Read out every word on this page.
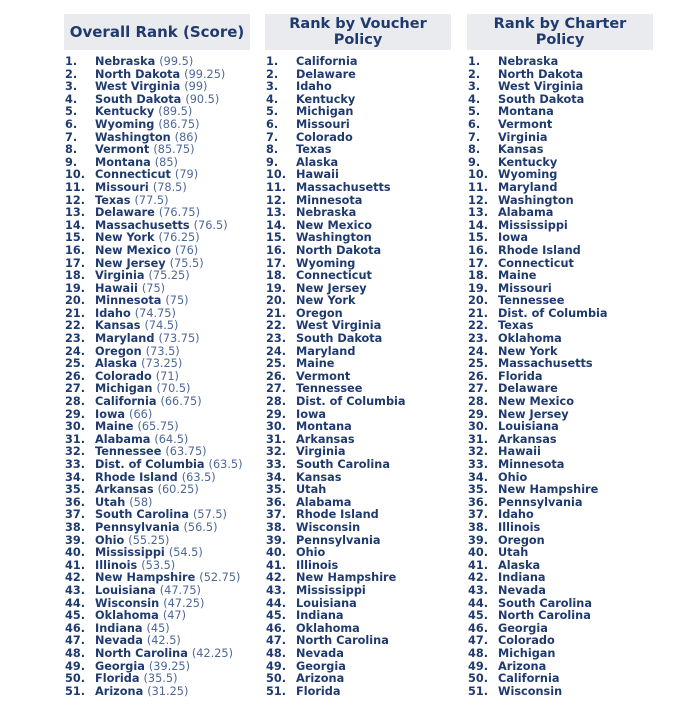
Overall Rank (Score)
1.	Nebraska (99.5)
2.	North Dakota (99.25)
3.	West Virginia (99)
4.	South Dakota (90.5)
5.	Kentucky (89.5)
6.	Wyoming (86.75)
7.	Washington (86)
8.	Vermont (85.75)
9.	Montana (85)
10. Connecticut (79)
11. Missouri (78.5)
12. Texas (77.5)
13. Delaware (76.75)
14. Massachusetts (76.5)
15. New York (76.25)
16. New Mexico (76)
17. New Jersey (75.5)
18. Virginia (75.25)
19. Hawaii (75)
20. Minnesota (75)
21. Idaho (74.75)
22. Kansas (74.5)
23. Maryland (73.75)
24. Oregon (73.5)
25. Alaska (73.25)
26. Colorado (71)
27. Michigan (70.5)
28. California (66.75)
29. Iowa (66)
30. Maine (65.75)
31. Alabama (64.5)
32. Tennessee (63.75)
33. Dist. of Columbia (63.5)
34. Rhode Island (63.5)
35. Arkansas (60.25)
36. Utah (58)
37. South Carolina (57.5)
38. Pennsylvania (56.5)
39. Ohio (55.25)
40. Mississippi (54.5)
41. Illinois (53.5)
42. New Hampshire (52.75)
43. Louisiana (47.75)
44. Wisconsin (47.25)
45. Oklahoma (47)
46. Indiana (45)
47. Nevada (42.5)
48. North Carolina (42.25)
49. Georgia (39.25)
50. Florida (35.5)
51. Arizona (31.25)
Rank by Voucher Policy
1.	California
2.	Delaware
3.	Idaho
4.	Kentucky
5.	Michigan
6.	Missouri
7.	Colorado
8.	Texas
9.	Alaska
10. Hawaii
11. Massachusetts
12. Minnesota
13. Nebraska
14. New Mexico
15. Washington
16. North Dakota
17. Wyoming
18. Connecticut
19. New Jersey
20. New York
21. Oregon
22. West Virginia
23. South Dakota
24. Maryland
25. Maine
26. Vermont
27. Tennessee
28. Dist. of Columbia
29. Iowa
30. Montana
31. Arkansas
32. Virginia
33. South Carolina
34. Kansas
35. Utah
36. Alabama
37. Rhode Island
38. Wisconsin
39. Pennsylvania
40. Ohio
41. Illinois
42. New Hampshire
43. Mississippi
44. Louisiana
45. Indiana
46. Oklahoma
47. North Carolina
48. Nevada
49. Georgia
50. Arizona
51. Florida
Rank by Charter Policy
1.	Nebraska
2.	North Dakota
3.	West Virginia
4.	South Dakota
5.	Montana
6.	Vermont
7.	Virginia
8.	Kansas
9.	Kentucky
10. Wyoming
11. Maryland
12. Washington
13. Alabama
14. Mississippi
15. Iowa
16. Rhode Island
17. Connecticut
18. Maine
19. Missouri
20. Tennessee
21. Dist. of Columbia
22. Texas
23. Oklahoma
24. New York
25. Massachusetts
26. Florida
27. Delaware
28. New Mexico
29. New Jersey
30. Louisiana
31. Arkansas
32. Hawaii
33. Minnesota
34. Ohio
35. New Hampshire
36. Pennsylvania
37. Idaho
38. Illinois
39. Oregon
40. Utah
41. Alaska
42. Indiana
43. Nevada
44. South Carolina
45. North Carolina
46. Georgia
47. Colorado
48. Michigan
49. Arizona
50. California
51. Wisconsin
